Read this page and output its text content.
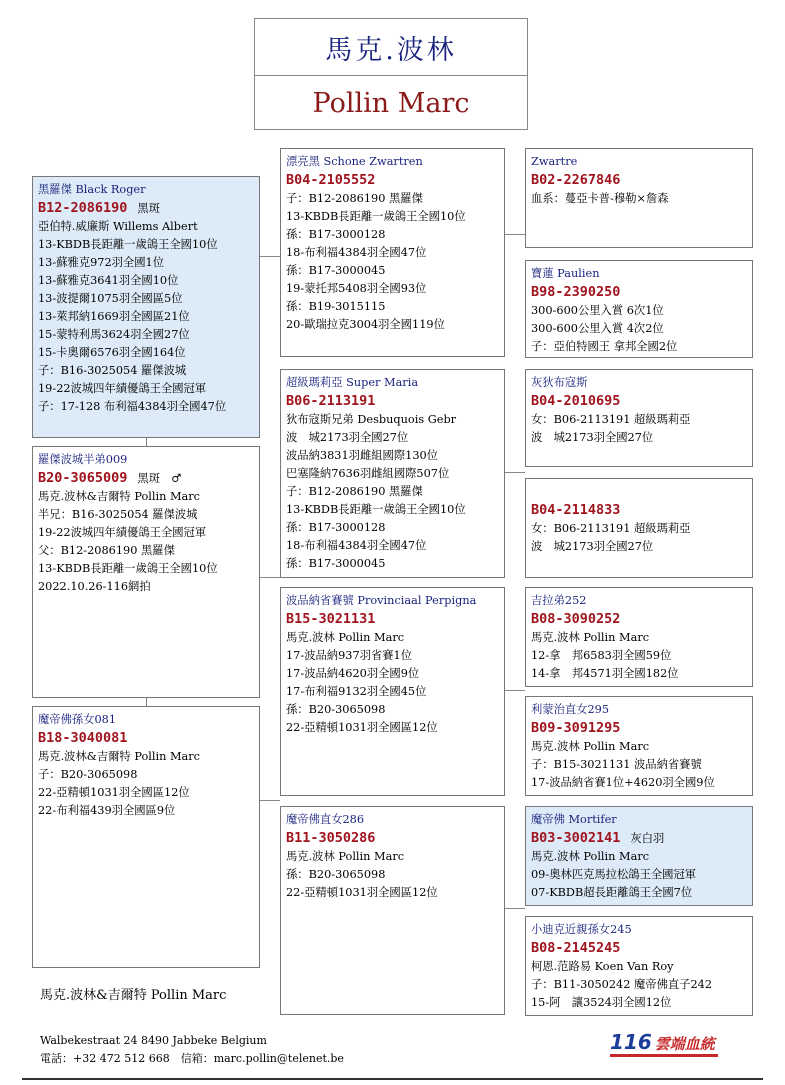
馬克.波林
Pollin Marc
黑羅傑 Black Roger
B12-2086190 黑斑
亞伯特.威廉斯 Willems Albert
13-KBDB長距離一歲鴿王全國10位
13-蘇雅克972羽全國1位
13-蘇雅克3641羽全國10位
13-波提爾1075羽全國區5位
13-萊邦納1669羽全國區21位
15-蒙特利馬3624羽全國27位
15-卡奧爾6576羽全國164位
子：B16-3025054 羅傑波城
19-22波城四年績優鴿王全國冠軍
子：17-128 布利福4384羽全國47位
羅傑波城半弟009
B20-3065009 黑斑　♂
馬克.波林&吉爾特 Pollin Marc
半兄：B16-3025054 羅傑波城
19-22波城四年績優鴿王全國冠軍
父：B12-2086190 黑羅傑
13-KBDB長距離一歲鴿王全國10位
2022.10.26-116網拍
魔帝佛孫女081
B18-3040081
馬克.波林&吉爾特 Pollin Marc
子：B20-3065098
22-亞精頓1031羽全國區12位
22-布利福439羽全國區9位
漂亮黑 Schone Zwartren
B04-2105552
子：B12-2086190 黑羅傑
13-KBDB長距離一歲鴿王全國10位
孫：B17-3000128
18-布利福4384羽全國47位
孫：B17-3000045
19-蒙托邦5408羽全國93位
孫：B19-3015115
20-歐瑞拉克3004羽全國119位
超級瑪莉亞 Super Maria
B06-2113191
狄布寇斯兄弟 Desbuquois Gebr
波　城2173羽全國27位
波品納3831羽雌組國際130位
巴塞隆納7636羽雌組國際507位
子：B12-2086190 黑羅傑
13-KBDB長距離一歲鴿王全國10位
孫：B17-3000128
18-布利福4384羽全國47位
孫：B17-3000045
波品納省賽號 Provinciaal Perpigna
B15-3021131
馬克.波林 Pollin Marc
17-波品納937羽省賽1位
17-波品納4620羽全國9位
17-布利福9132羽全國45位
孫：B20-3065098
22-亞精頓1031羽全國區12位
魔帝佛直女286
B11-3050286
馬克.波林 Pollin Marc
孫：B20-3065098
22-亞精頓1031羽全國區12位
Zwartre
B02-2267846
血系：蔓亞卡普-穆勒×詹森
寶蓮 Paulien
B98-2390250
300-600公里入賞 6次1位
300-600公里入賞 4次2位
子：亞伯特國王 拿邦全國2位
灰狄布寇斯
B04-2010695
女：B06-2113191 超級瑪莉亞
波　城2173羽全國27位
B04-2114833
女：B06-2113191 超級瑪莉亞
波　城2173羽全國27位
吉拉弟252
B08-3090252
馬克.波林 Pollin Marc
12-拿　邦6583羽全國59位
14-拿　邦4571羽全國182位
利蒙治直女295
B09-3091295
馬克.波林 Pollin Marc
子：B15-3021131 波品納省賽號
17-波品納省賽1位+4620羽全國9位
魔帝佛 Mortifer
B03-3002141 灰白羽
馬克.波林 Pollin Marc
09-奧林匹克馬拉松鴿王全國冠軍
07-KBDB超長距離鴿王全國7位
小迪克近親孫女245
B08-2145245
柯恩.范路易 Koen Van Roy
子：B11-3050242 魔帝佛直子242
15-阿　讓3524羽全國12位
馬克.波林&吉爾特 Pollin Marc
Walbekestraat 24 8490 Jabbeke Belgium
電話：+32 472 512 668　信箱：marc.pollin@telenet.be
116 雲端血統
